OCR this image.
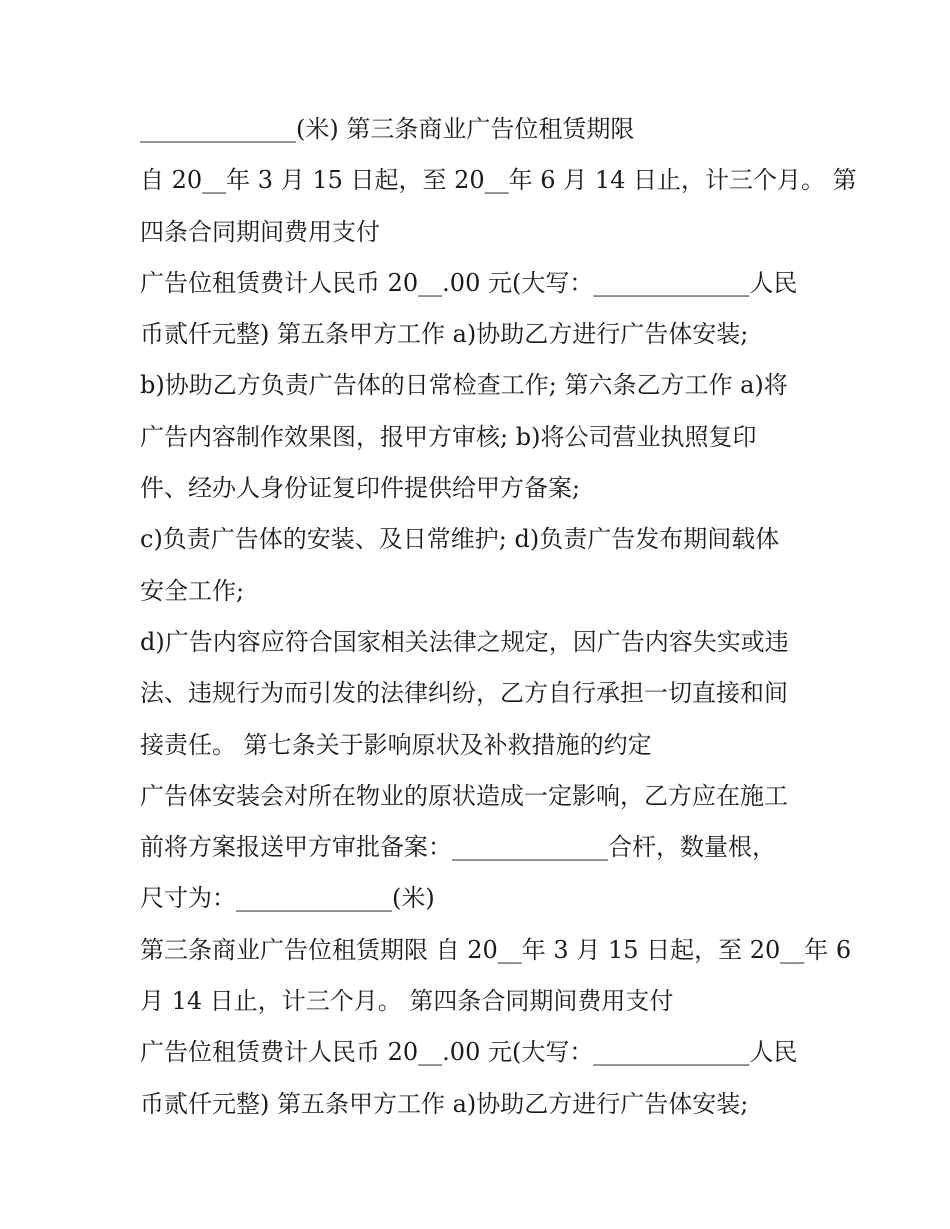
_____________(米) 第三条商业广告位租赁期限
自 20__年 3 月 15 日起，至 20__年 6 月 14 日止，计三个月。 第
四条合同期间费用支付
广告位租赁费计人民币 20__.00 元(大写：_____________人民
币贰仟元整) 第五条甲方工作 a)协助乙方进行广告体安装;
b)协助乙方负责广告体的日常检查工作; 第六条乙方工作 a)将
广告内容制作效果图，报甲方审核; b)将公司营业执照复印
件、经办人身份证复印件提供给甲方备案;
c)负责广告体的安装、及日常维护; d)负责广告发布期间载体
安全工作;
d)广告内容应符合国家相关法律之规定，因广告内容失实或违
法、违规行为而引发的法律纠纷，乙方自行承担一切直接和间
接责任。 第七条关于影响原状及补救措施的约定
广告体安装会对所在物业的原状造成一定影响，乙方应在施工
前将方案报送甲方审批备案：_____________合杆，数量根，
尺寸为：_____________(米)
第三条商业广告位租赁期限 自 20__年 3 月 15 日起，至 20__年 6
月 14 日止，计三个月。 第四条合同期间费用支付
广告位租赁费计人民币 20__.00 元(大写：_____________人民
币贰仟元整) 第五条甲方工作 a)协助乙方进行广告体安装;
